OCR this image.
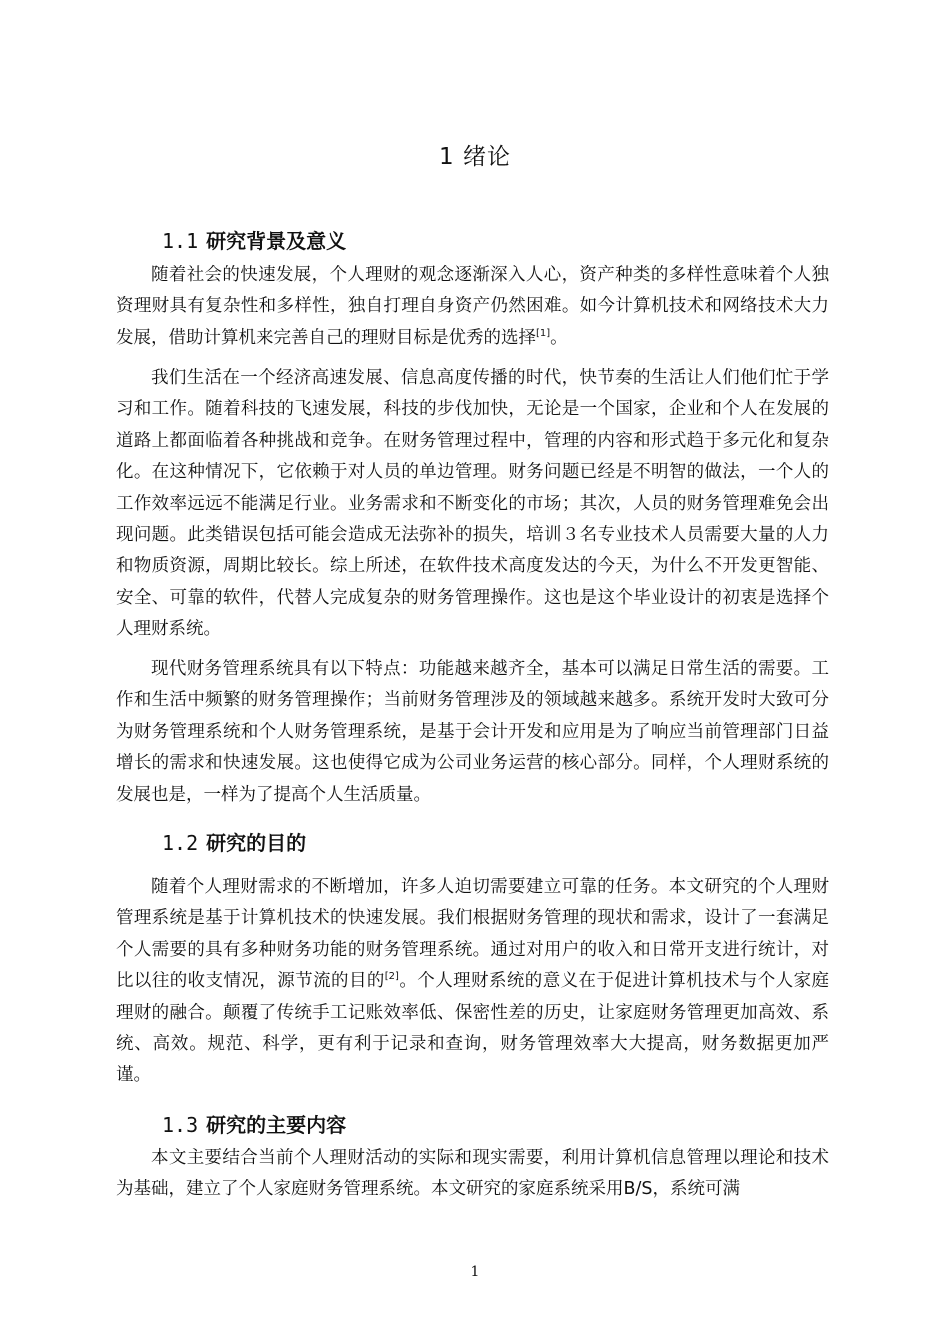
1 绪论
1.1 研究背景及意义

随着社会的快速发展，个人理财的观念逐渐深入人心，资产种类的多样性意味着个人独资理财具有复杂性和多样性，独自打理自身资产仍然困难。如今计算机技术和网络技术大力发展，借助计算机来完善自己的理财目标是优秀的选择[1]。

我们生活在一个经济高速发展、信息高度传播的时代，快节奏的生活让人们他们忙于学习和工作。随着科技的飞速发展，科技的步伐加快，无论是一个国家，企业和个人在发展的道路上都面临着各种挑战和竞争。在财务管理过程中，管理的内容和形式趋于多元化和复杂化。在这种情况下，它依赖于对人员的单边管理。财务问题已经是不明智的做法，一个人的工作效率远远不能满足行业。业务需求和不断变化的市场；其次，人员的财务管理难免会出现问题。此类错误包括可能会造成无法弥补的损失，培训３名专业技术人员需要大量的人力和物质资源，周期比较长。综上所述，在软件技术高度发达的今天，为什么不开发更智能、安全、可靠的软件，代替人完成复杂的财务管理操作。这也是这个毕业设计的初衷是选择个人理财系统。

现代财务管理系统具有以下特点：功能越来越齐全，基本可以满足日常生活的需要。工作和生活中频繁的财务管理操作；当前财务管理涉及的领域越来越多。系统开发时大致可分为财务管理系统和个人财务管理系统，是基于会计开发和应用是为了响应当前管理部门日益增长的需求和快速发展。这也使得它成为公司业务运营的核心部分。同样，个人理财系统的发展也是，一样为了提高个人生活质量。

1.2 研究的目的

随着个人理财需求的不断增加，许多人迫切需要建立可靠的任务。本文研究的个人理财管理系统是基于计算机技术的快速发展。我们根据财务管理的现状和需求，设计了一套满足个人需要的具有多种财务功能的财务管理系统。通过对用户的收入和日常开支进行统计，对比以往的收支情况，源节流的目的[2]。个人理财系统的意义在于促进计算机技术与个人家庭理财的融合。颠覆了传统手工记账效率低、保密性差的历史，让家庭财务管理更加高效、系统、高效。规范、科学，更有利于记录和查询，财务管理效率大大提高，财务数据更加严谨。

1.3 研究的主要内容

本文主要结合当前个人理财活动的实际和现实需要，利用计算机信息管理以理论和技术为基础，建立了个人家庭财务管理系统。本文研究的家庭系统采用B/S，系统可满

1
